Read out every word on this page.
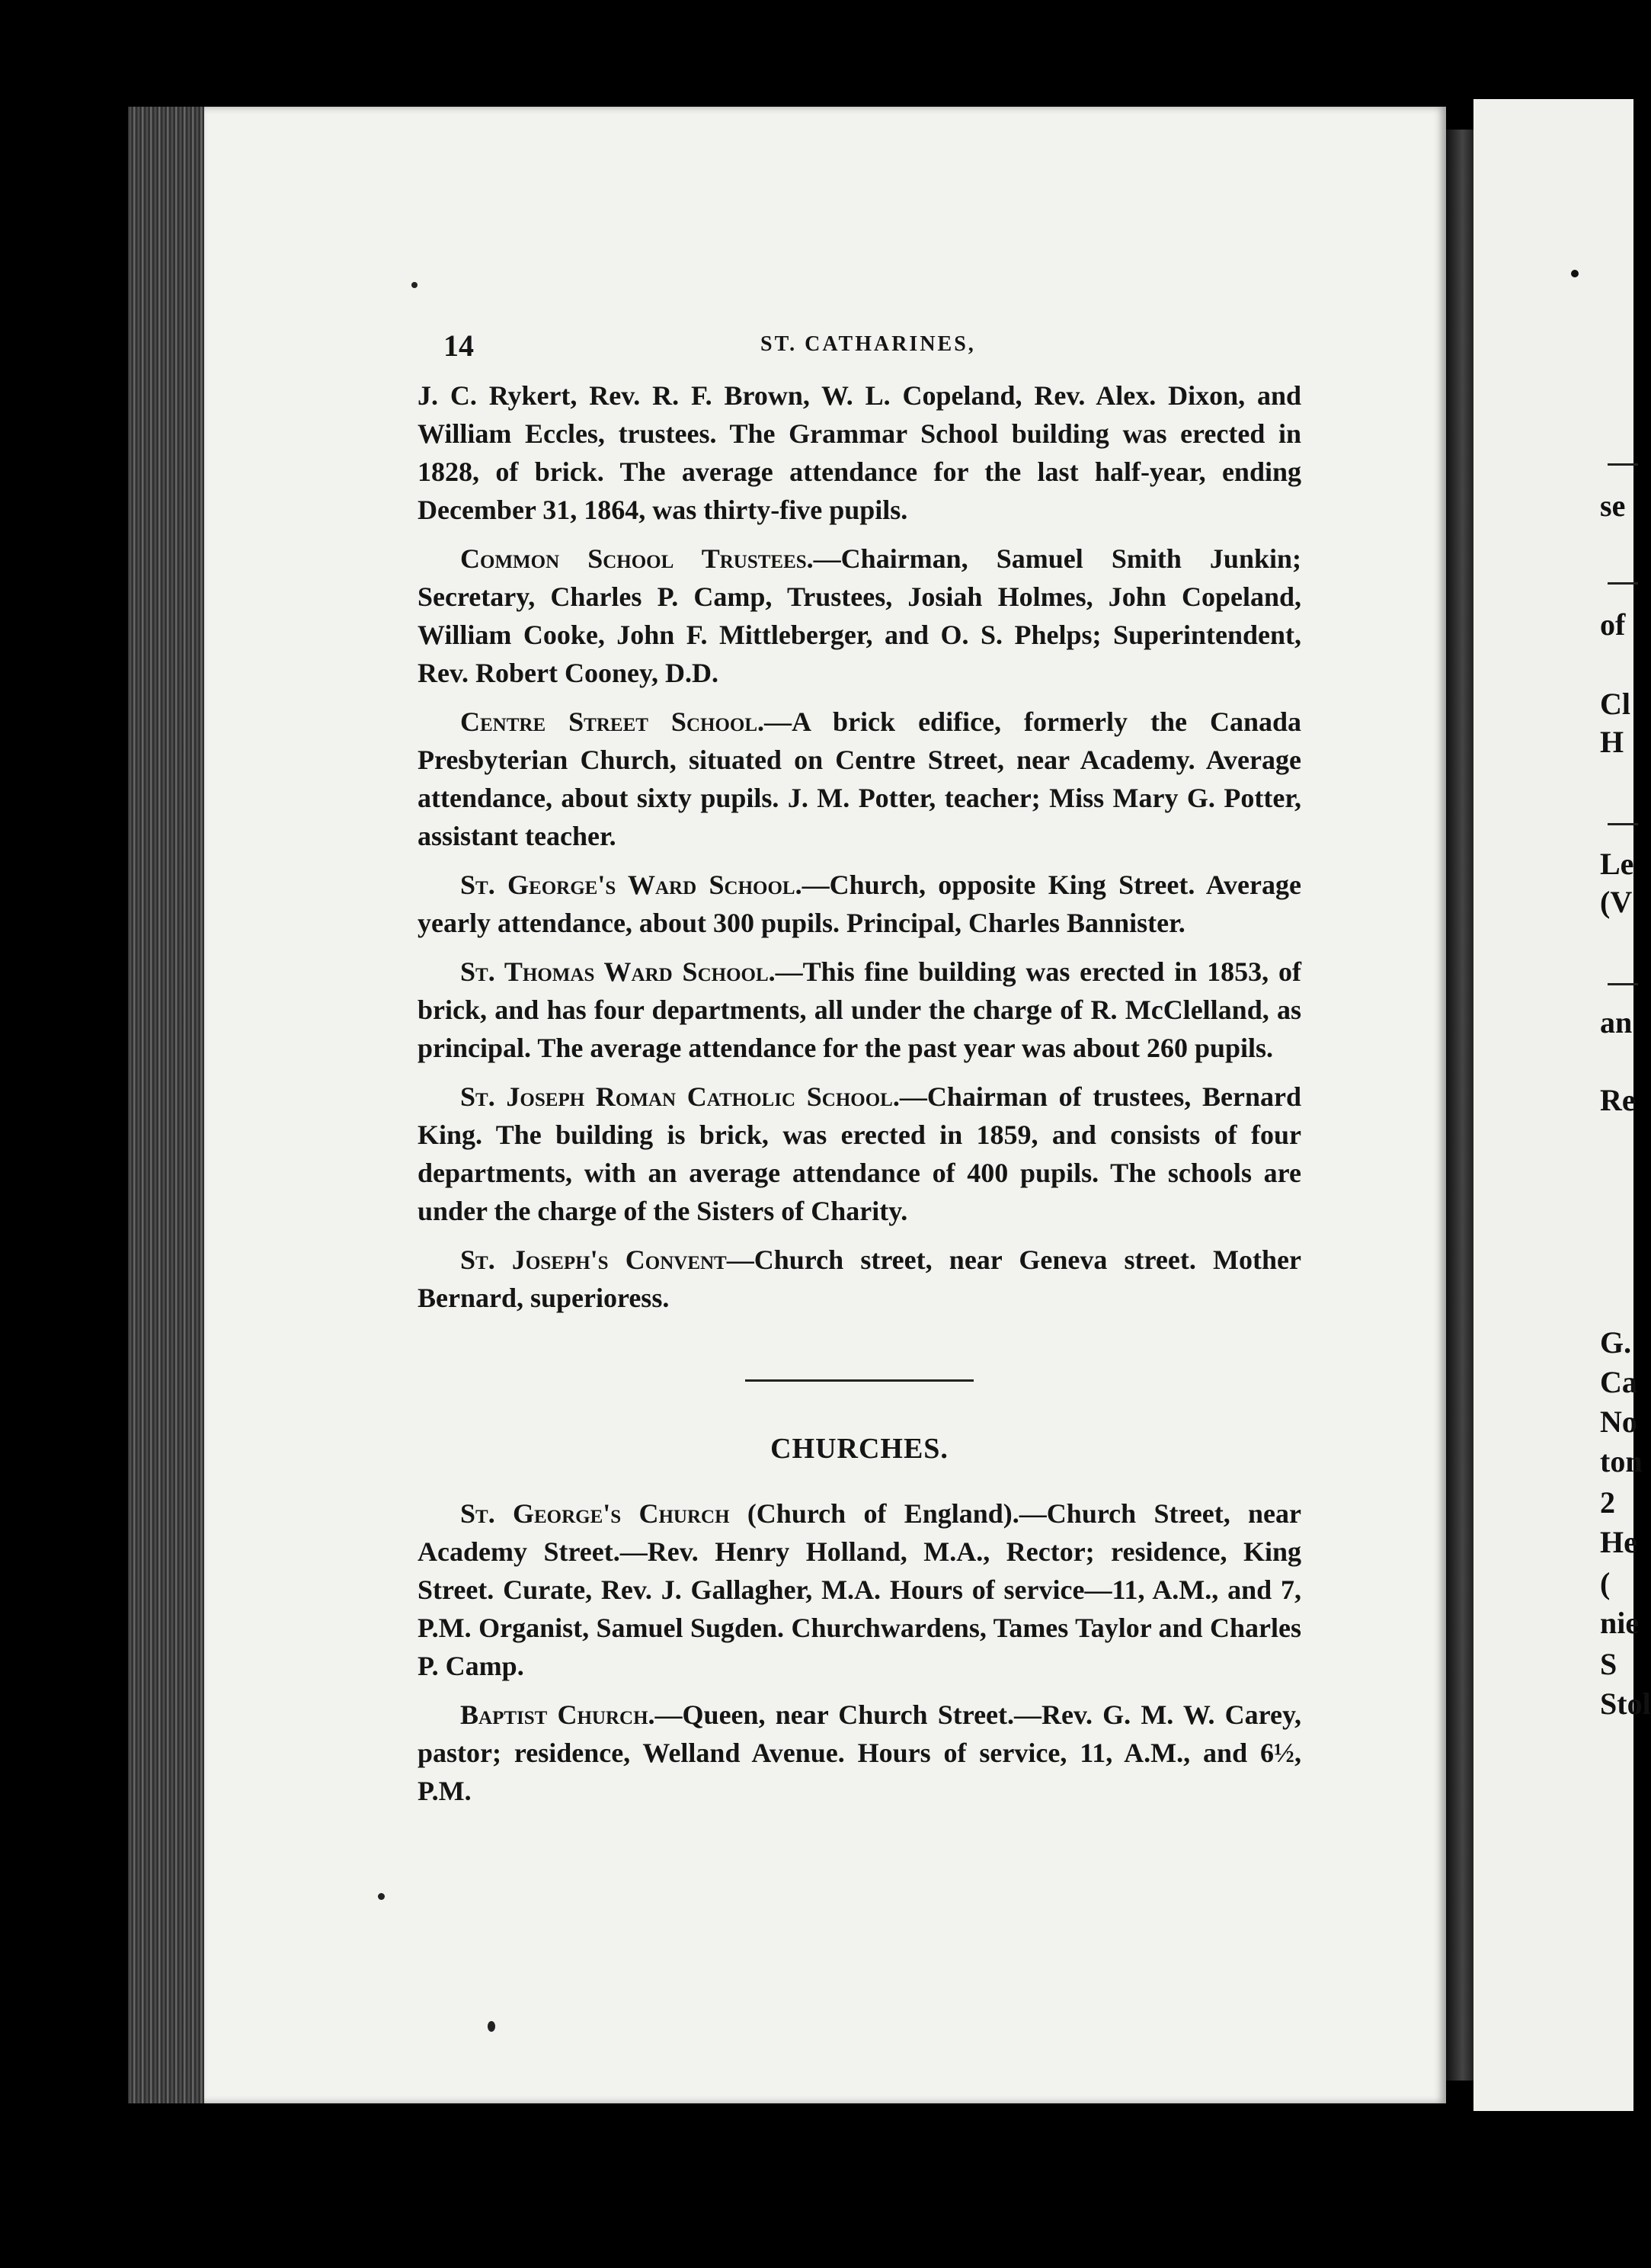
se
of
Cl
H
Le
(V
an
Re
G.
Ca
No
ton
2
He
(
nie
S
Stol
14	ST. CATHARINES,

J. C. Rykert, Rev. R. F. Brown, W. L. Copeland, Rev. Alex. Dixon, and William Eccles, trustees. The Grammar School building was erected in 1828, of brick. The average attendance for the last half-year, ending December 31, 1864, was thirty-five pupils.

Common School Trustees.—Chairman, Samuel Smith Junkin; Secretary, Charles P. Camp, Trustees, Josiah Holmes, John Copeland, William Cooke, John F. Mittleberger, and O. S. Phelps; Superintendent, Rev. Robert Cooney, D.D.

Centre Street School.—A brick edifice, formerly the Canada Presbyterian Church, situated on Centre Street, near Academy. Average attendance, about sixty pupils. J. M. Potter, teacher; Miss Mary G. Potter, assistant teacher.

St. George's Ward School.—Church, opposite King Street. Average yearly attendance, about 300 pupils. Principal, Charles Bannister.

St. Thomas Ward School.—This fine building was erected in 1853, of brick, and has four departments, all under the charge of R. McClelland, as principal. The average attendance for the past year was about 260 pupils.

St. Joseph Roman Catholic School.—Chairman of trustees, Bernard King. The building is brick, was erected in 1859, and consists of four departments, with an average attendance of 400 pupils. The schools are under the charge of the Sisters of Charity.

St. Joseph's Convent—Church street, near Geneva street. Mother Bernard, superioress.

CHURCHES.

St. George's Church (Church of England).—Church Street, near Academy Street.—Rev. Henry Holland, M.A., Rector; residence, King Street. Curate, Rev. J. Gallagher, M.A. Hours of service—11, A.M., and 7, P.M. Organist, Samuel Sugden. Churchwardens, Tames Taylor and Charles P. Camp.

Baptist Church.—Queen, near Church Street.—Rev. G. M. W. Carey, pastor; residence, Welland Avenue. Hours of service, 11, A.M., and 6½, P.M.
